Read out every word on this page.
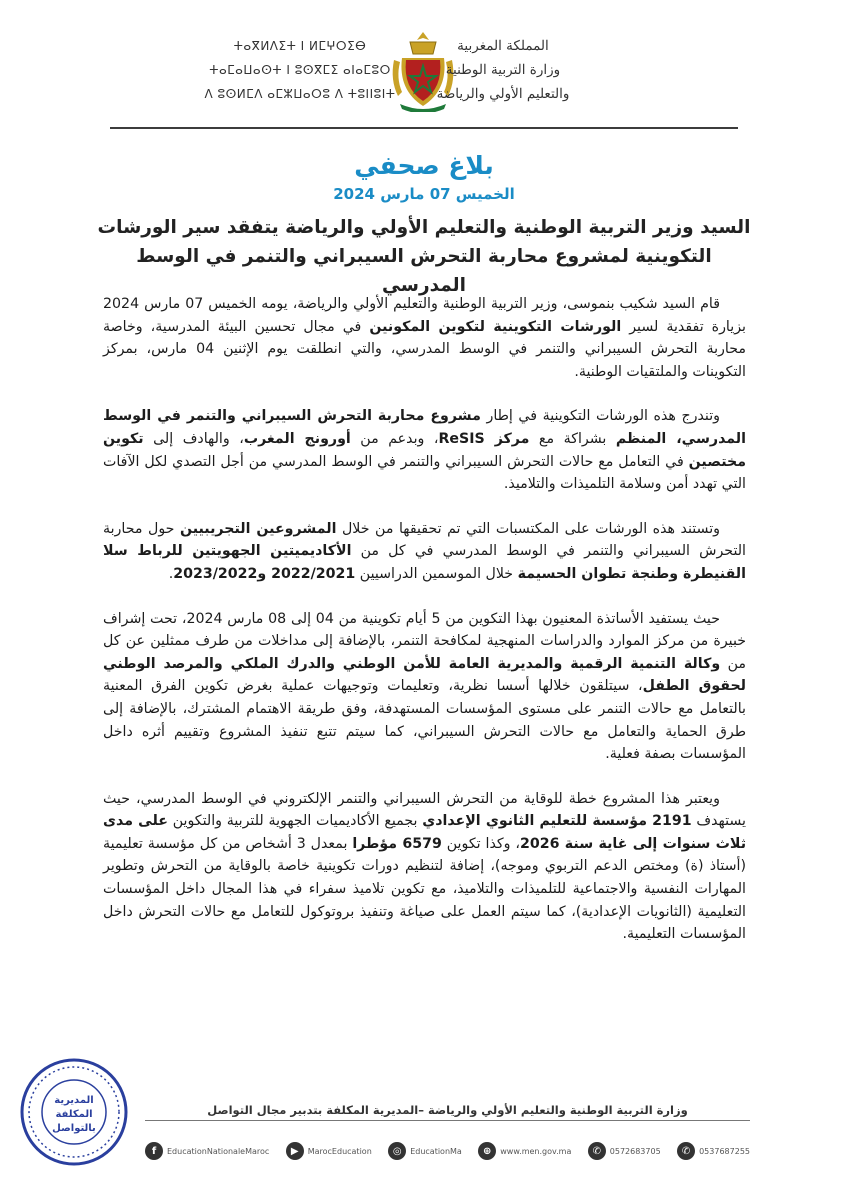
ⵜⴰⴳⵍⴷⵉⵜ ⵏ ⵍⵎⵖⵔⵉⴱ
ⵜⴰⵎⴰⵡⴰⵙⵜ ⵏ ⵓⵙⴳⵎⵉ ⴰⵏⴰⵎⵓⵔ
ⴷ ⵓⵙⵍⵎⴷ ⴰⵎⵣⵡⴰⵔⵓ ⴷ ⵜⵓⵏⵏⵓⵏⵜ
المملكة المغربية
وزارة التربية الوطنية
والتعليم الأولي والرياضة
بلاغ صحفي
الخميس 07 مارس 2024
السيد وزير التربية الوطنية والتعليم الأولي والرياضة يتفقد سير الورشات التكوينية لمشروع محاربة التحرش السيبراني والتنمر في الوسط المدرسي

قام السيد شكيب بنموسى، وزير التربية الوطنية والتعليم الأولي والرياضة، يومه الخميس 07 مارس 2024 بزيارة تفقدية لسير الورشات التكوينية لتكوين المكونين في مجال تحسين البيئة المدرسية، وخاصة محاربة التحرش السيبراني والتنمر في الوسط المدرسي، والتي انطلقت يوم الإثنين 04 مارس، بمركز التكوينات والملتقيات الوطنية.

وتندرج هذه الورشات التكوينية في إطار مشروع محاربة التحرش السيبراني والتنمر في الوسط المدرسي، المنظم بشراكة مع مركز ReSIS، وبدعم من أورونج المغرب، والهادف إلى تكوين مختصين في التعامل مع حالات التحرش السيبراني والتنمر في الوسط المدرسي من أجل التصدي لكل الآفات التي تهدد أمن وسلامة التلميذات والتلاميذ.

وتستند هذه الورشات على المكتسبات التي تم تحقيقها من خلال المشروعين التجريبيين حول محاربة التحرش السيبراني والتنمر في الوسط المدرسي في كل من الأكاديميتين الجهويتين للرباط سلا القنيطرة وطنجة تطوان الحسيمة خلال الموسمين الدراسيين 2022/2021 و2023/2022.

حيث يستفيد الأساتذة المعنيون بهذا التكوين من 5 أيام تكوينية من 04 إلى 08 مارس 2024، تحت إشراف خبيرة من مركز الموارد والدراسات المنهجية لمكافحة التنمر، بالإضافة إلى مداخلات من طرف ممثلين عن كل من وكالة التنمية الرقمية والمديرية العامة للأمن الوطني والدرك الملكي والمرصد الوطني لحقوق الطفل، سيتلقون خلالها أسسا نظرية، وتعليمات وتوجيهات عملية بغرض تكوين الفرق المعنية بالتعامل مع حالات التنمر على مستوى المؤسسات المستهدفة، وفق طريقة الاهتمام المشترك، بالإضافة إلى طرق الحماية والتعامل مع حالات التحرش السيبراني، كما سيتم تتبع تنفيذ المشروع وتقييم أثره داخل المؤسسات بصفة فعلية.

ويعتبر هذا المشروع خطة للوقاية من التحرش السيبراني والتنمر الإلكتروني في الوسط المدرسي، حيث يستهدف 2191 مؤسسة للتعليم الثانوي الإعدادي بجميع الأكاديميات الجهوية للتربية والتكوين على مدى ثلاث سنوات إلى غاية سنة 2026، وكذا تكوين 6579 مؤطرا بمعدل 3 أشخاص من كل مؤسسة تعليمية (أستاذ (ة) ومختص الدعم التربوي وموجه)، إضافة لتنظيم دورات تكوينية خاصة بالوقاية من التحرش وتطوير المهارات النفسية والاجتماعية للتلميذات والتلاميذ، مع تكوين تلاميذ سفراء في هذا المجال داخل المؤسسات التعليمية (الثانويات الإعدادية)، كما سيتم العمل على صياغة وتنفيذ بروتوكول للتعامل مع حالات التحرش داخل المؤسسات التعليمية.

المديرية
المكلفة
بالتواصل
وزارة التربية الوطنية والتعليم الأولي والرياضة –المديرية المكلفة بتدبير مجال التواصل
f	EducationNationaleMaroc	▶	MarocEducation	◎	EducationMa	⊕	www.men.gov.ma	✆	0572683705	✆	0537687255
